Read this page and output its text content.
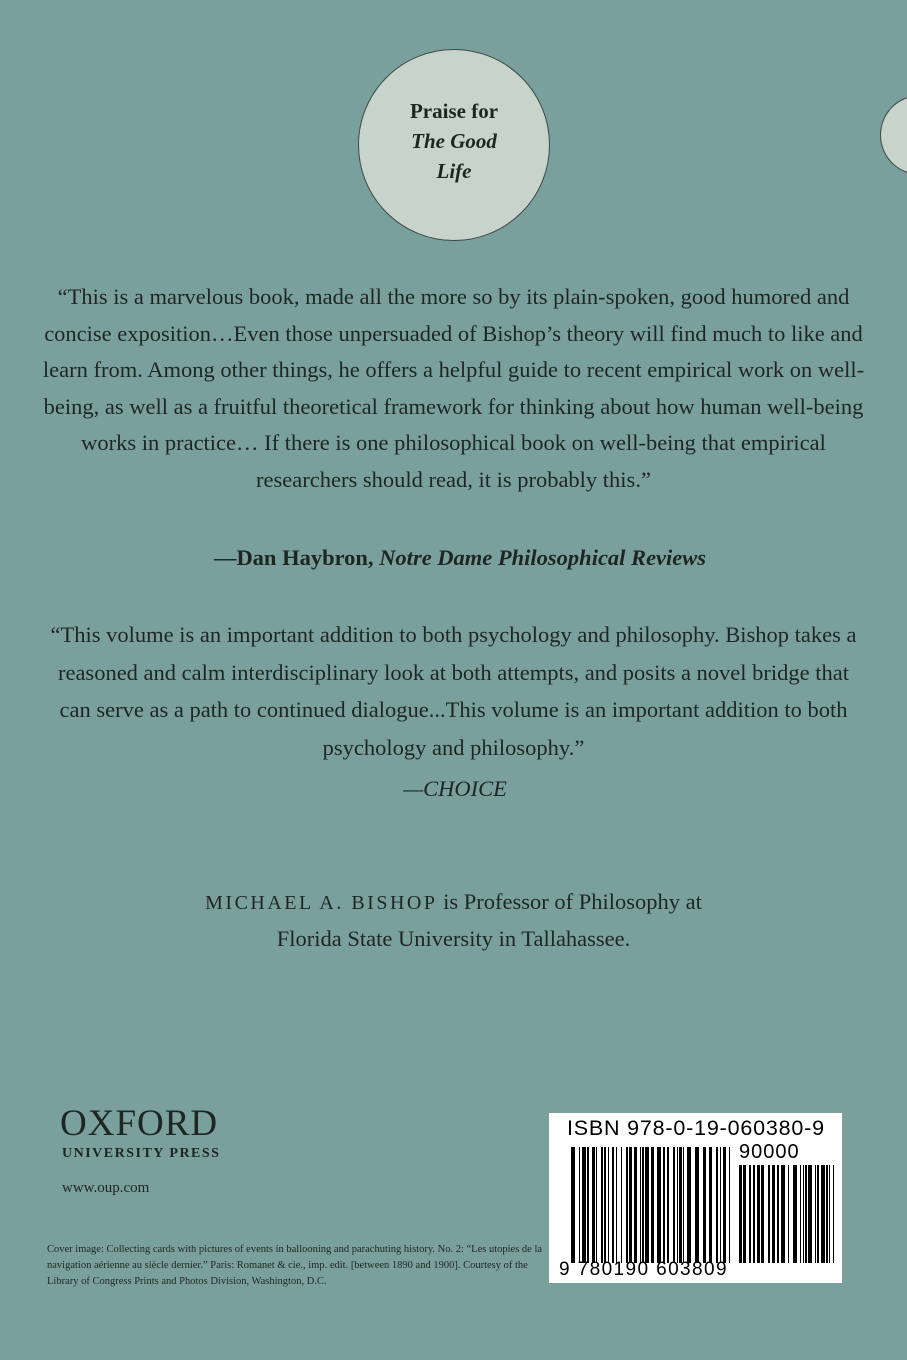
Praise for
The Good
Life
“This is a marvelous book, made all the more so by its plain-spoken, good humored and concise exposition…Even those unpersuaded of Bishop’s theory will find much to like and learn from. Among other things, he offers a helpful guide to recent empirical work on well-being, as well as a fruitful theoretical framework for thinking about how human well-being works in practice… If there is one philosophical book on well-being that empirical researchers should read, it is probably this.”
—Dan Haybron, Notre Dame Philosophical Reviews
“This volume is an important addition to both psychology and philosophy. Bishop takes a reasoned and calm interdisciplinary look at both attempts, and posits a novel bridge that can serve as a path to continued dialogue...This volume is an important addition to both psychology and philosophy.”
—CHOICE
MICHAEL A. BISHOP is Professor of Philosophy at
Florida State University in Tallahassee.
OXFORD
UNIVERSITY PRESS
www.oup.com
Cover image: Collecting cards with pictures of events in ballooning and parachuting history. No. 2: “Les utopies de la navigation aérienne au siècle dernier.” Paris: Romanet & cie., imp. edit. [between 1890 and 1900]. Courtesy of the Library of Congress Prints and Photos Division, Washington, D.C.
ISBN 978-0-19-060380-9
90000
9 780190 603809
